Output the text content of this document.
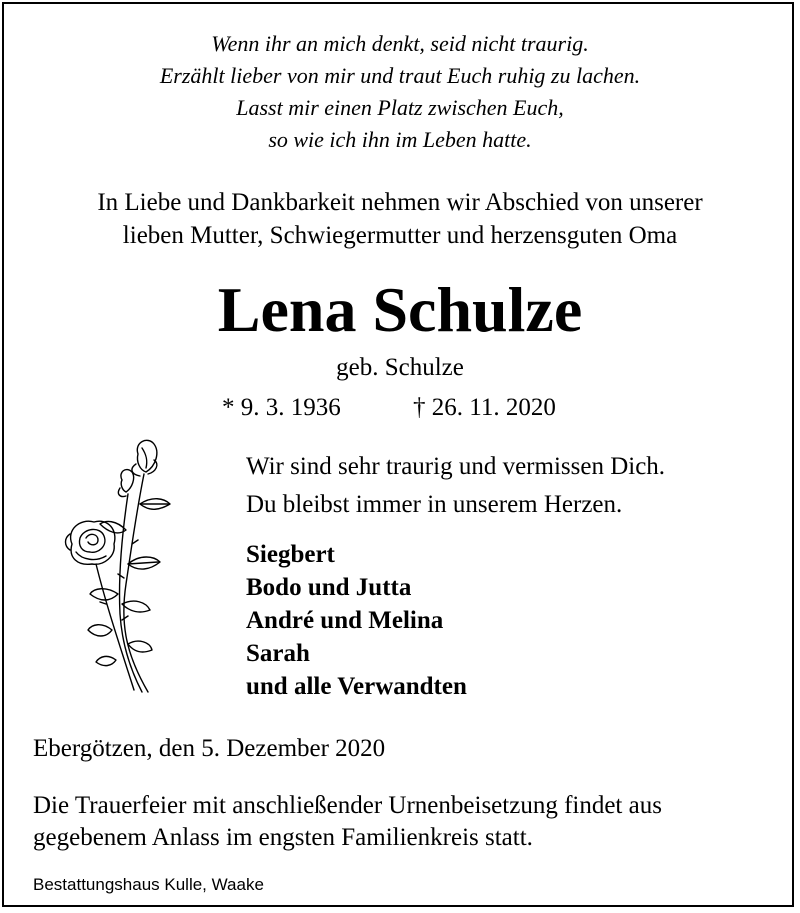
Wenn ihr an mich denkt, seid nicht traurig.
Erzählt lieber von mir und traut Euch ruhig zu lachen.
Lasst mir einen Platz zwischen Euch,
so wie ich ihn im Leben hatte.
In Liebe und Dankbarkeit nehmen wir Abschied von unserer
lieben Mutter, Schwiegermutter und herzensguten Oma
Lena Schulze
geb. Schulze
* 9. 3. 1936	† 26. 11. 2020
Wir sind sehr traurig und vermissen Dich.
Du bleibst immer in unserem Herzen.
Siegbert
Bodo und Jutta
André und Melina
Sarah
und alle Verwandten
Ebergötzen, den 5. Dezember 2020
Die Trauerfeier mit anschließender Urnenbeisetzung findet aus
gegebenem Anlass im engsten Familienkreis statt.
Bestattungshaus Kulle, Waake
